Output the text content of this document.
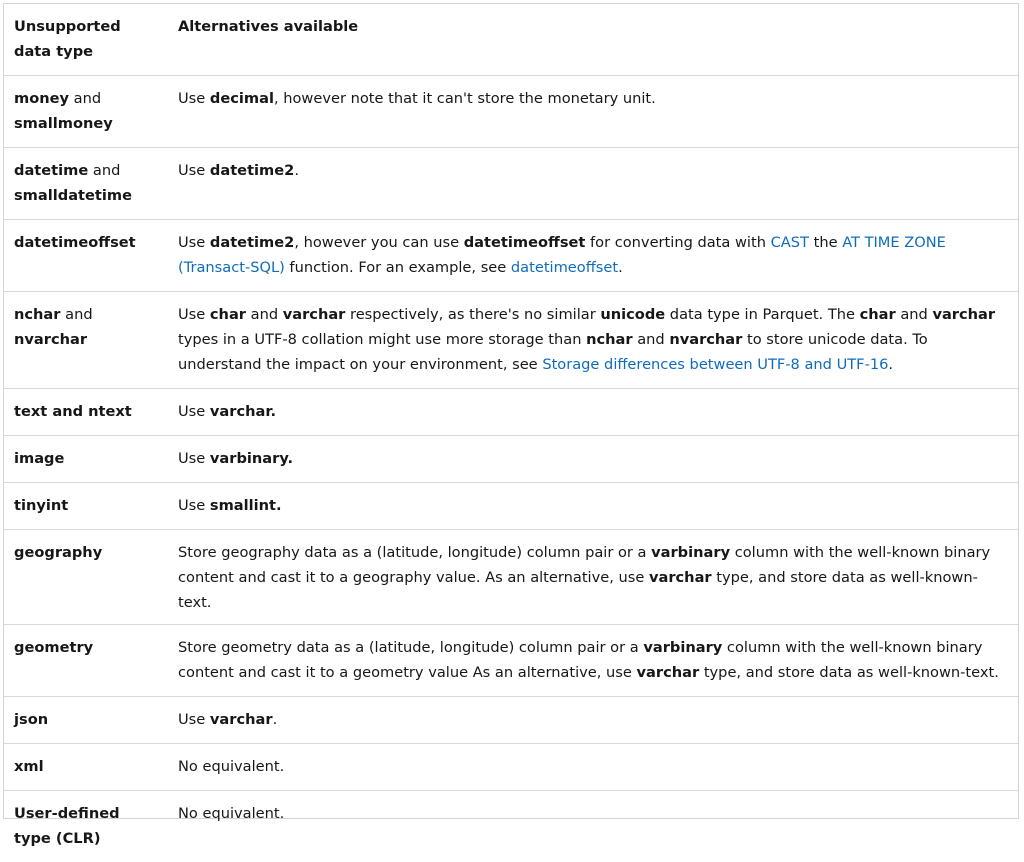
Unsupported data type	Alternatives available
money and smallmoney	Use decimal, however note that it can't store the monetary unit.
datetime and smalldatetime	Use datetime2.
datetimeoffset	Use datetime2, however you can use datetimeoffset for converting data with CAST the AT TIME ZONE (Transact-SQL) function. For an example, see datetimeoffset.
nchar and nvarchar	Use char and varchar respectively, as there's no similar unicode data type in Parquet. The char and varchar types in a UTF-8 collation might use more storage than nchar and nvarchar to store unicode data. To understand the impact on your environment, see Storage differences between UTF-8 and UTF-16.
text and ntext	Use varchar.
image	Use varbinary.
tinyint	Use smallint.
geography	Store geography data as a (latitude, longitude) column pair or a varbinary column with the well-known binary content and cast it to a geography value. As an alternative, use varchar type, and store data as well-known-text.
geometry	Store geometry data as a (latitude, longitude) column pair or a varbinary column with the well-known binary content and cast it to a geometry value As an alternative, use varchar type, and store data as well-known-text.
json	Use varchar.
xml	No equivalent.
User-defined type (CLR)	No equivalent.
